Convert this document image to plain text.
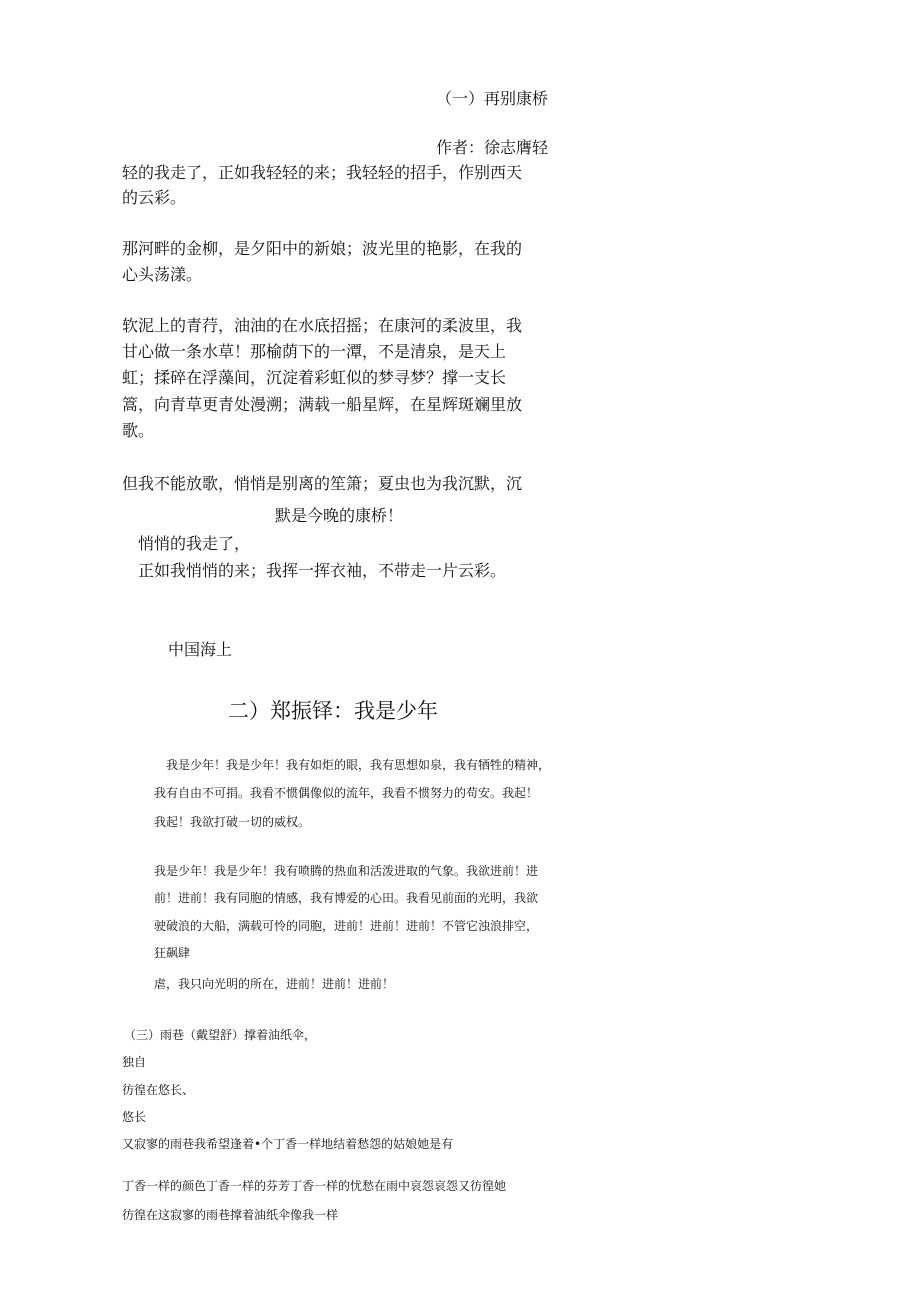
（一）再别康桥
作者：徐志膺轻
轻的我走了，正如我轻轻的来；我轻轻的招手，作别西天
的云彩。
那河畔的金柳，是夕阳中的新娘；波光里的艳影，在我的
心头荡漾。
软泥上的青荇，油油的在水底招摇；在康河的柔波里，我
甘心做一条水草！那榆荫下的一潭，不是清泉，是天上
虹；揉碎在浮藻间，沉淀着彩虹似的梦寻梦？撑一支长
篙，向青草更青处漫溯；满载一船星辉，在星辉斑斓里放
歌。
但我不能放歌，悄悄是别离的笙箫；夏虫也为我沉默，沉
默是今晚的康桥！
悄悄的我走了，
正如我悄悄的来；我挥一挥衣袖，不带走一片云彩。
中国海上
二）郑振铎：我是少年
我是少年！我是少年！我有如炬的眼，我有思想如泉，我有牺牲的精神，
我有自由不可捐。我看不惯偶像似的流年，我看不惯努力的苟安。我起！
我起！我欲打破一切的威权。
我是少年！我是少年！我有喷腾的热血和活泼进取的气象。我欲进前！进
前！进前！我有同胞的情感，我有博爱的心田。我看见前面的光明，我欲
驶破浪的大船，满载可怜的同胞，进前！进前！进前！不管它浊浪排空，
狂飙肆
虐，我只向光明的所在，进前！进前！进前！
（三）雨巷（戴望舒）撑着油纸伞，
独自
彷徨在悠长、
悠长
又寂寥的雨巷我希望逢着•个丁香一样地结着愁怨的姑娘她是有
丁香一样的颜色丁香一样的芬芳丁香一样的忧愁在雨中哀怨哀怨又彷徨她
彷徨在这寂寥的雨巷撑着油纸伞像我一样
